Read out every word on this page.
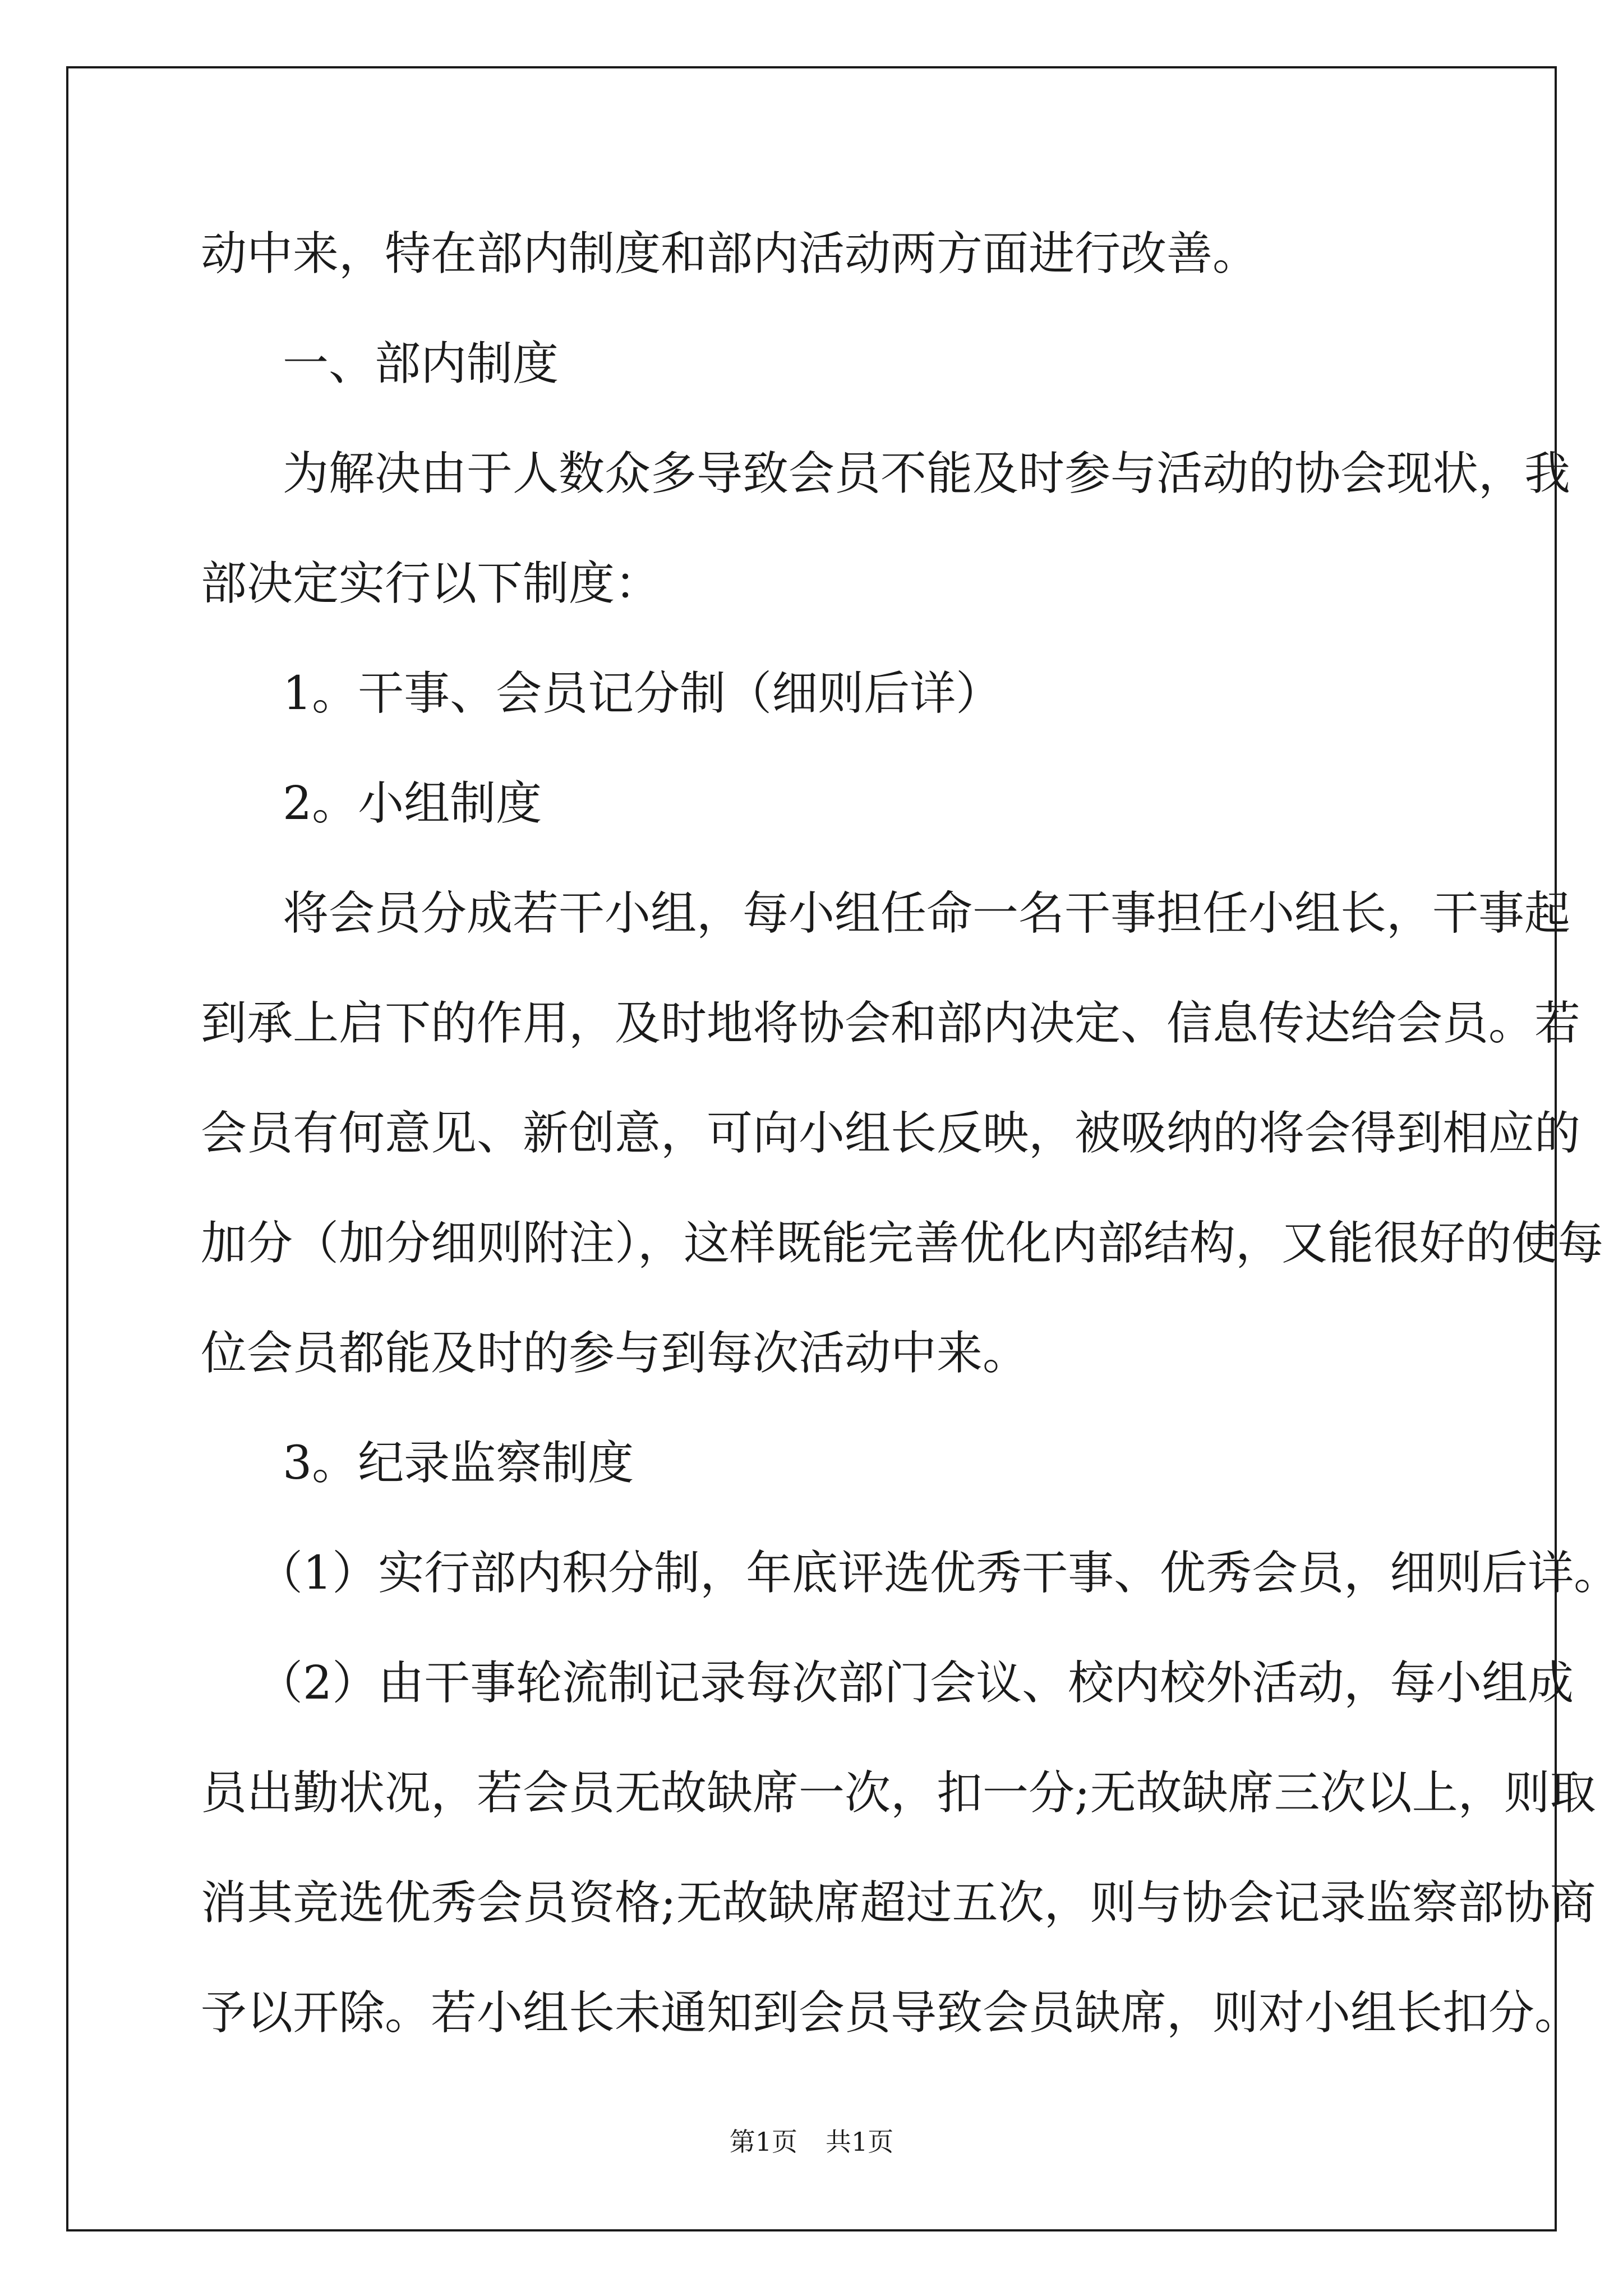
动中来，特在部内制度和部内活动两方面进行改善。
一、部内制度
为解决由于人数众多导致会员不能及时参与活动的协会现状，我
部决定实行以下制度：
1。干事、会员记分制（细则后详）
2。小组制度
将会员分成若干小组，每小组任命一名干事担任小组长，干事起
到承上启下的作用，及时地将协会和部内决定、信息传达给会员。若
会员有何意见、新创意，可向小组长反映，被吸纳的将会得到相应的
加分（加分细则附注），这样既能完善优化内部结构，又能很好的使每
位会员都能及时的参与到每次活动中来。
3。纪录监察制度
（1）实行部内积分制，年底评选优秀干事、优秀会员，细则后详。
（2）由干事轮流制记录每次部门会议、校内校外活动，每小组成
员出勤状况，若会员无故缺席一次，扣一分;无故缺席三次以上，则取
消其竞选优秀会员资格;无故缺席超过五次，则与协会记录监察部协商
予以开除。若小组长未通知到会员导致会员缺席，则对小组长扣分。
第1页 共1页
